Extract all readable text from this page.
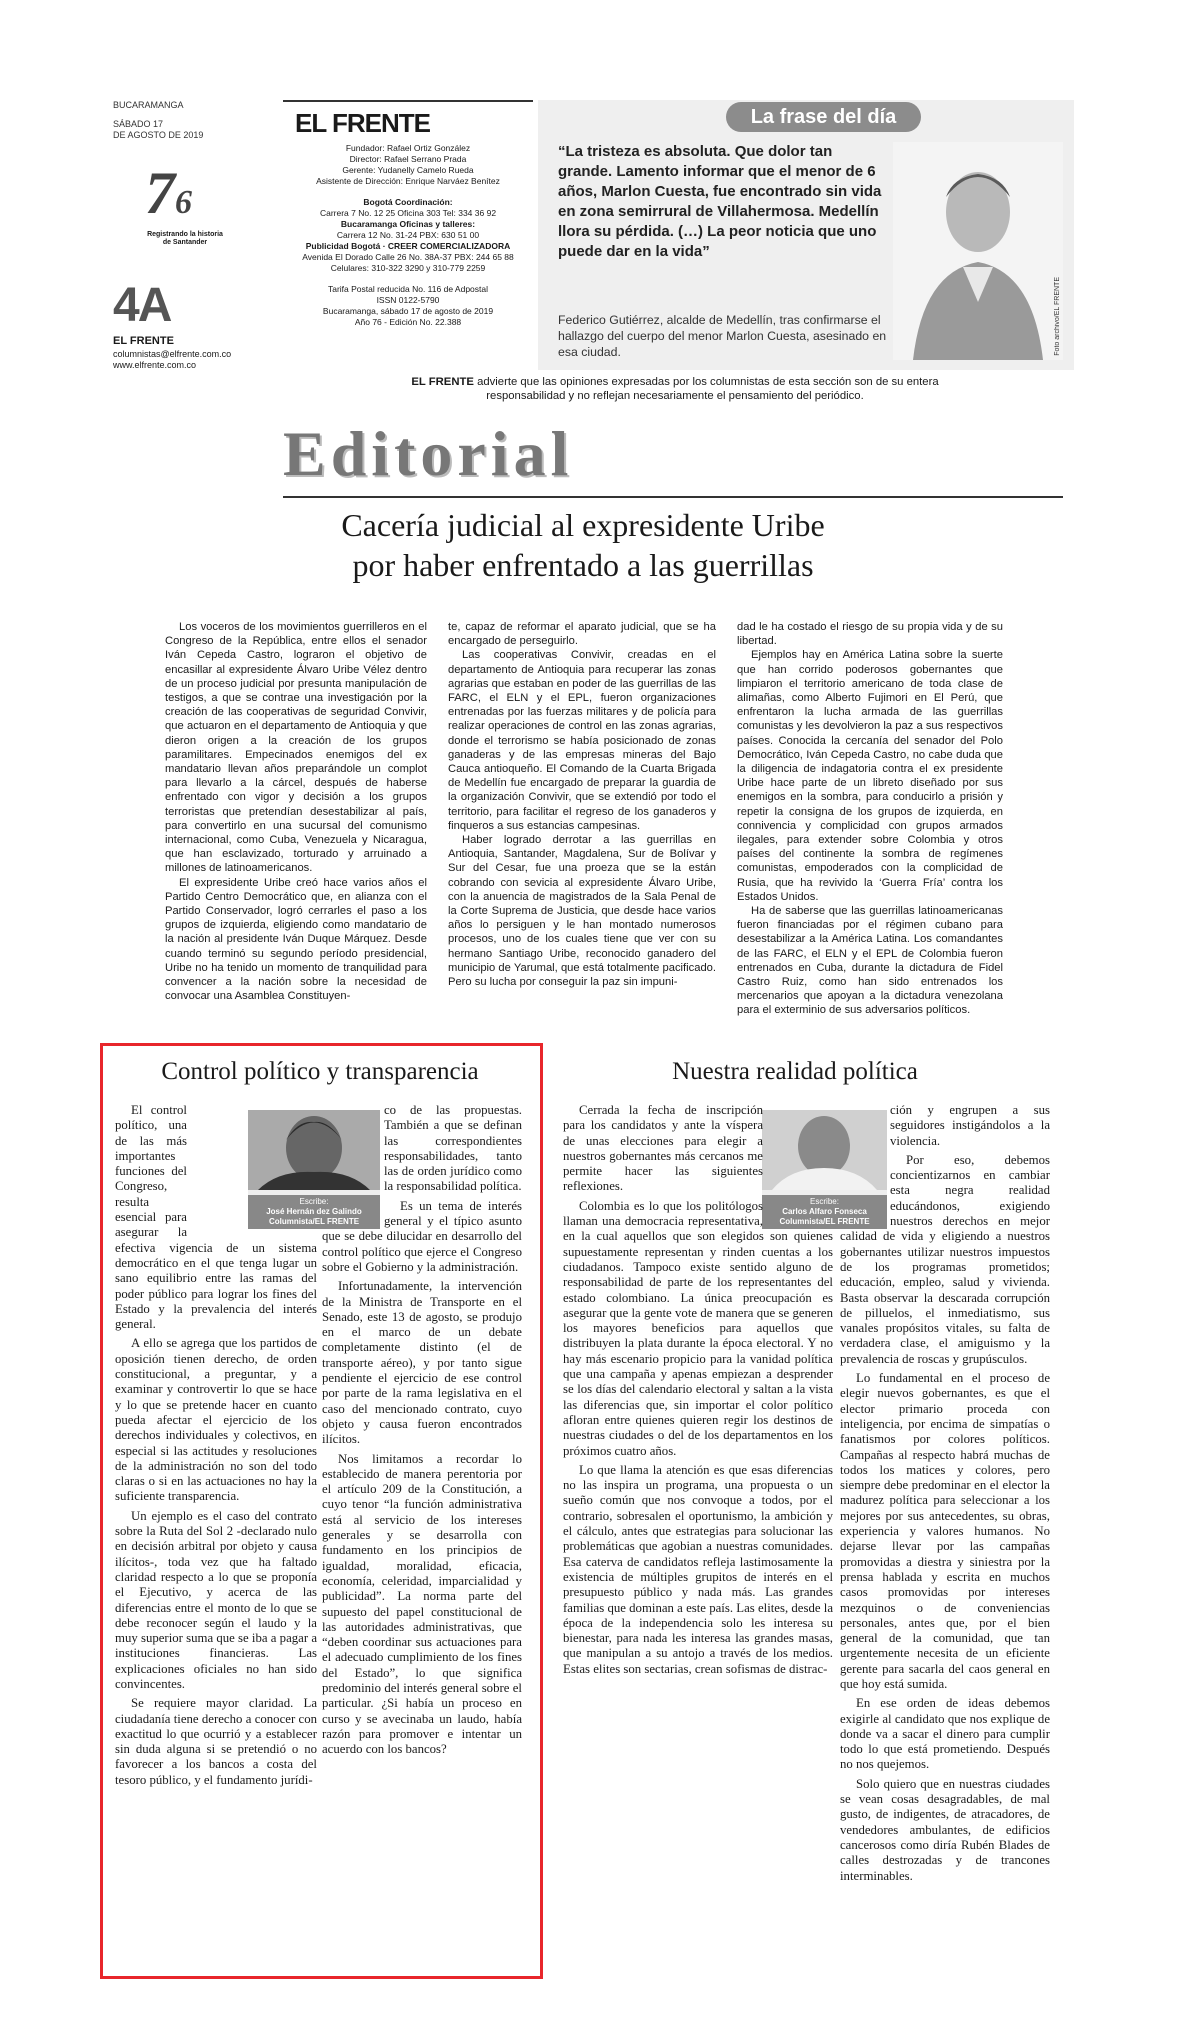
BUCARAMANGA
SÁBADO 17
DE AGOSTO DE 2019
76
Registrando la historia de Santander
4A
EL FRENTE
columnistas@elfrente.com.co
www.elfrente.com.co
EL FRENTE
Fundador: Rafael Ortiz González
Director: Rafael Serrano Prada
Gerente: Yudanelly Camelo Rueda
Asistente de Dirección: Enrique Narváez Benítez
Bogotá Coordinación:
Carrera 7 No. 12 25 Oficina 303 Tel: 334 36 92
Bucaramanga Oficinas y talleres:
Carrera 12 No. 31-24 PBX: 630 51 00
Publicidad Bogotá · CREER COMERCIALIZADORA
Avenida El Dorado Calle 26 No. 38A-37 PBX: 244 65 88
Celulares: 310-322 3290 y 310-779 2259
Tarifa Postal reducida No. 116 de Adpostal
ISSN 0122-5790
Bucaramanga, sábado 17 de agosto de 2019
Año 76 - Edición No. 22.388
La frase del día
“La tristeza es absoluta. Que dolor tan grande. Lamento informar que el menor de 6 años, Marlon Cuesta, fue encontrado sin vida en zona semirrural de Villahermosa. Medellín llora su pérdida. (…) La peor noticia que uno puede dar en la vida”
Federico Gutiérrez, alcalde de Medellín, tras confirmarse el hallazgo del cuerpo del menor Marlon Cuesta, asesinado en esa ciudad.	Foto archivo/EL FRENTE
EL FRENTE advierte que las opiniones expresadas por los columnistas de esta sección son de su entera responsabilidad y no reflejan necesariamente el pensamiento del periódico.
Editorial
Cacería judicial al expresidente Uribe
por haber enfrentado a las guerrillas

Los voceros de los movimientos guerrilleros en el Congreso de la República, entre ellos el senador Iván Cepeda Castro, lograron el objetivo de encasillar al expresidente Álvaro Uribe Vélez dentro de un proceso judicial por presunta manipulación de testigos, a que se contrae una investigación por la creación de las cooperativas de seguridad Convivir, que actuaron en el departamento de Antioquia y que dieron origen a la creación de los grupos paramilitares. Empecinados enemigos del ex mandatario llevan años preparándole un complot para llevarlo a la cárcel, después de haberse enfrentado con vigor y decisión a los grupos terroristas que pretendían desestabilizar al país, para convertirlo en una sucursal del comunismo internacional, como Cuba, Venezuela y Nicaragua, que han esclavizado, torturado y arruinado a millones de latinoamericanos.

El expresidente Uribe creó hace varios años el Partido Centro Democrático que, en alianza con el Partido Conservador, logró cerrarles el paso a los grupos de izquierda, eligiendo como mandatario de la nación al presidente Iván Duque Márquez. Desde cuando terminó su segundo período presidencial, Uribe no ha tenido un momento de tranquilidad para convencer a la nación sobre la necesidad de convocar una Asamblea Constituyen-

te, capaz de reformar el aparato judicial, que se ha encargado de perseguirlo.

Las cooperativas Convivir, creadas en el departamento de Antioquia para recuperar las zonas agrarias que estaban en poder de las guerrillas de las FARC, el ELN y el EPL, fueron organizaciones entrenadas por las fuerzas militares y de policía para realizar operaciones de control en las zonas agrarias, donde el terrorismo se había posicionado de zonas ganaderas y de las empresas mineras del Bajo Cauca antioqueño. El Comando de la Cuarta Brigada de Medellín fue encargado de preparar la guardia de la organización Convivir, que se extendió por todo el territorio, para facilitar el regreso de los ganaderos y finqueros a sus estancias campesinas.

Haber logrado derrotar a las guerrillas en Antioquia, Santander, Magdalena, Sur de Bolívar y Sur del Cesar, fue una proeza que se la están cobrando con sevicia al expresidente Álvaro Uribe, con la anuencia de magistrados de la Sala Penal de la Corte Suprema de Justicia, que desde hace varios años lo persiguen y le han montado numerosos procesos, uno de los cuales tiene que ver con su hermano Santiago Uribe, reconocido ganadero del municipio de Yarumal, que está totalmente pacificado. Pero su lucha por conseguir la paz sin impuni-

dad le ha costado el riesgo de su propia vida y de su libertad.

Ejemplos hay en América Latina sobre la suerte que han corrido poderosos gobernantes que limpiaron el territorio americano de toda clase de alimañas, como Alberto Fujimori en El Perú, que enfrentaron la lucha armada de las guerrillas comunistas y les devolvieron la paz a sus respectivos países. Conocida la cercanía del senador del Polo Democrático, Iván Cepeda Castro, no cabe duda que la diligencia de indagatoria contra el ex presidente Uribe hace parte de un libreto diseñado por sus enemigos en la sombra, para conducirlo a prisión y repetir la consigna de los grupos de izquierda, en connivencia y complicidad con grupos armados ilegales, para extender sobre Colombia y otros países del continente la sombra de regímenes comunistas, empoderados con la complicidad de Rusia, que ha revivido la ‘Guerra Fría’ contra los Estados Unidos.

Ha de saberse que las guerrillas latinoamericanas fueron financiadas por el régimen cubano para desestabilizar a la América Latina. Los comandantes de las FARC, el ELN y el EPL de Colombia fueron entrenados en Cuba, durante la dictadura de Fidel Castro Ruiz, como han sido entrenados los mercenarios que apoyan a la dictadura venezolana para el exterminio de sus adversarios políticos.

Control político y transparencia
Escribe:
José Hernán dez Galindo
Columnista/EL FRENTE

El control político, una de las más importantes funciones del Congreso, resulta esencial para asegurar la efectiva vigencia de un sistema democrático en el que tenga lugar un sano equilibrio entre las ramas del poder público para lograr los fines del Estado y la prevalencia del interés general.

A ello se agrega que los partidos de oposición tienen derecho, de orden constitucional, a preguntar, y a examinar y controvertir lo que se hace y lo que se pretende hacer en cuanto pueda afectar el ejercicio de los derechos individuales y colectivos, en especial si las actitudes y resoluciones de la administración no son del todo claras o si en las actuaciones no hay la suficiente transparencia.

Un ejemplo es el caso del contrato sobre la Ruta del Sol 2 -declarado nulo en decisión arbitral por objeto y causa ilícitos-, toda vez que ha faltado claridad respecto a lo que se proponía el Ejecutivo, y acerca de las diferencias entre el monto de lo que se debe reconocer según el laudo y la muy superior suma que se iba a pagar a instituciones financieras. Las explicaciones oficiales no han sido convincentes.

Se requiere mayor claridad. La ciudadanía tiene derecho a conocer con exactitud lo que ocurrió y a establecer sin duda alguna si se pretendió o no favorecer a los bancos a costa del tesoro público, y el fundamento jurídi-

co de las propuestas. También a que se definan las correspondientes responsabilidades, tanto las de orden jurídico como la responsabilidad política.

Es un tema de interés general y el típico asunto que se debe dilucidar en desarrollo del control político que ejerce el Congreso sobre el Gobierno y la administración.

Infortunadamente, la intervención de la Ministra de Transporte en el Senado, este 13 de agosto, se produjo en el marco de un debate completamente distinto (el de transporte aéreo), y por tanto sigue pendiente el ejercicio de ese control por parte de la rama legislativa en el caso del mencionado contrato, cuyo objeto y causa fueron encontrados ilícitos.

Nos limitamos a recordar lo establecido de manera perentoria por el artículo 209 de la Constitución, a cuyo tenor “la función administrativa está al servicio de los intereses generales y se desarrolla con fundamento en los principios de igualdad, moralidad, eficacia, economía, celeridad, imparcialidad y publicidad”. La norma parte del supuesto del papel constitucional de las autoridades administrativas, que “deben coordinar sus actuaciones para el adecuado cumplimiento de los fines del Estado”, lo que significa predominio del interés general sobre el particular. ¿Si había un proceso en curso y se avecinaba un laudo, había razón para promover e intentar un acuerdo con los bancos?

Nuestra realidad política
Escribe:
Carlos Alfaro Fonseca
Columnista/EL FRENTE

Cerrada la fecha de inscripción para los candidatos y ante la víspera de unas elecciones para elegir a nuestros gobernantes más cercanos me permite hacer las siguientes reflexiones.

Colombia es lo que los politólogos llaman una democracia representativa, en la cual aquellos que son elegidos son quienes supuestamente representan y rinden cuentas a los ciudadanos. Tampoco existe sentido alguno de responsabilidad de parte de los representantes del estado colombiano. La única preocupación es asegurar que la gente vote de manera que se generen los mayores beneficios para aquellos que distribuyen la plata durante la época electoral. Y no hay más escenario propicio para la vanidad política que una campaña y apenas empiezan a desprender se los días del calendario electoral y saltan a la vista las diferencias que, sin importar el color político afloran entre quienes quieren regir los destinos de nuestras ciudades o del de los departamentos en los próximos cuatro años.

Lo que llama la atención es que esas diferencias no las inspira un programa, una propuesta o un sueño común que nos convoque a todos, por el contrario, sobresalen el oportunismo, la ambición y el cálculo, antes que estrategias para solucionar las problemáticas que agobian a nuestras comunidades. Esa caterva de candidatos refleja lastimosamente la existencia de múltiples grupitos de interés en el presupuesto público y nada más. Las grandes familias que dominan a este país. Las elites, desde la época de la independencia solo les interesa su bienestar, para nada les interesa las grandes masas, que manipulan a su antojo a través de los medios. Estas elites son sectarias, crean sofismas de distrac-

ción y engrupen a sus seguidores instigándolos a la violencia.

Por eso, debemos concientizarnos en cambiar esta negra realidad educándonos, exigiendo nuestros derechos en mejor calidad de vida y eligiendo a nuestros gobernantes utilizar nuestros impuestos de los programas prometidos; educación, empleo, salud y vivienda. Basta observar la descarada corrupción de pilluelos, el inmediatismo, sus vanales propósitos vitales, su falta de verdadera clase, el amiguismo y la prevalencia de roscas y grupúsculos.

Lo fundamental en el proceso de elegir nuevos gobernantes, es que el elector primario proceda con inteligencia, por encima de simpatías o fanatismos por colores políticos. Campañas al respecto habrá muchas de todos los matices y colores, pero siempre debe predominar en el elector la madurez política para seleccionar a los mejores por sus antecedentes, su obras, experiencia y valores humanos. No dejarse llevar por las campañas promovidas a diestra y siniestra por la prensa hablada y escrita en muchos casos promovidas por intereses mezquinos o de conveniencias personales, antes que, por el bien general de la comunidad, que tan urgentemente necesita de un eficiente gerente para sacarla del caos general en que hoy está sumida.

En ese orden de ideas debemos exigirle al candidato que nos explique de donde va a sacar el dinero para cumplir todo lo que está prometiendo. Después no nos quejemos.

Solo quiero que en nuestras ciudades se vean cosas desagradables, de mal gusto, de indigentes, de atracadores, de vendedores ambulantes, de edificios cancerosos como diría Rubén Blades de calles destrozadas y de trancones interminables.
